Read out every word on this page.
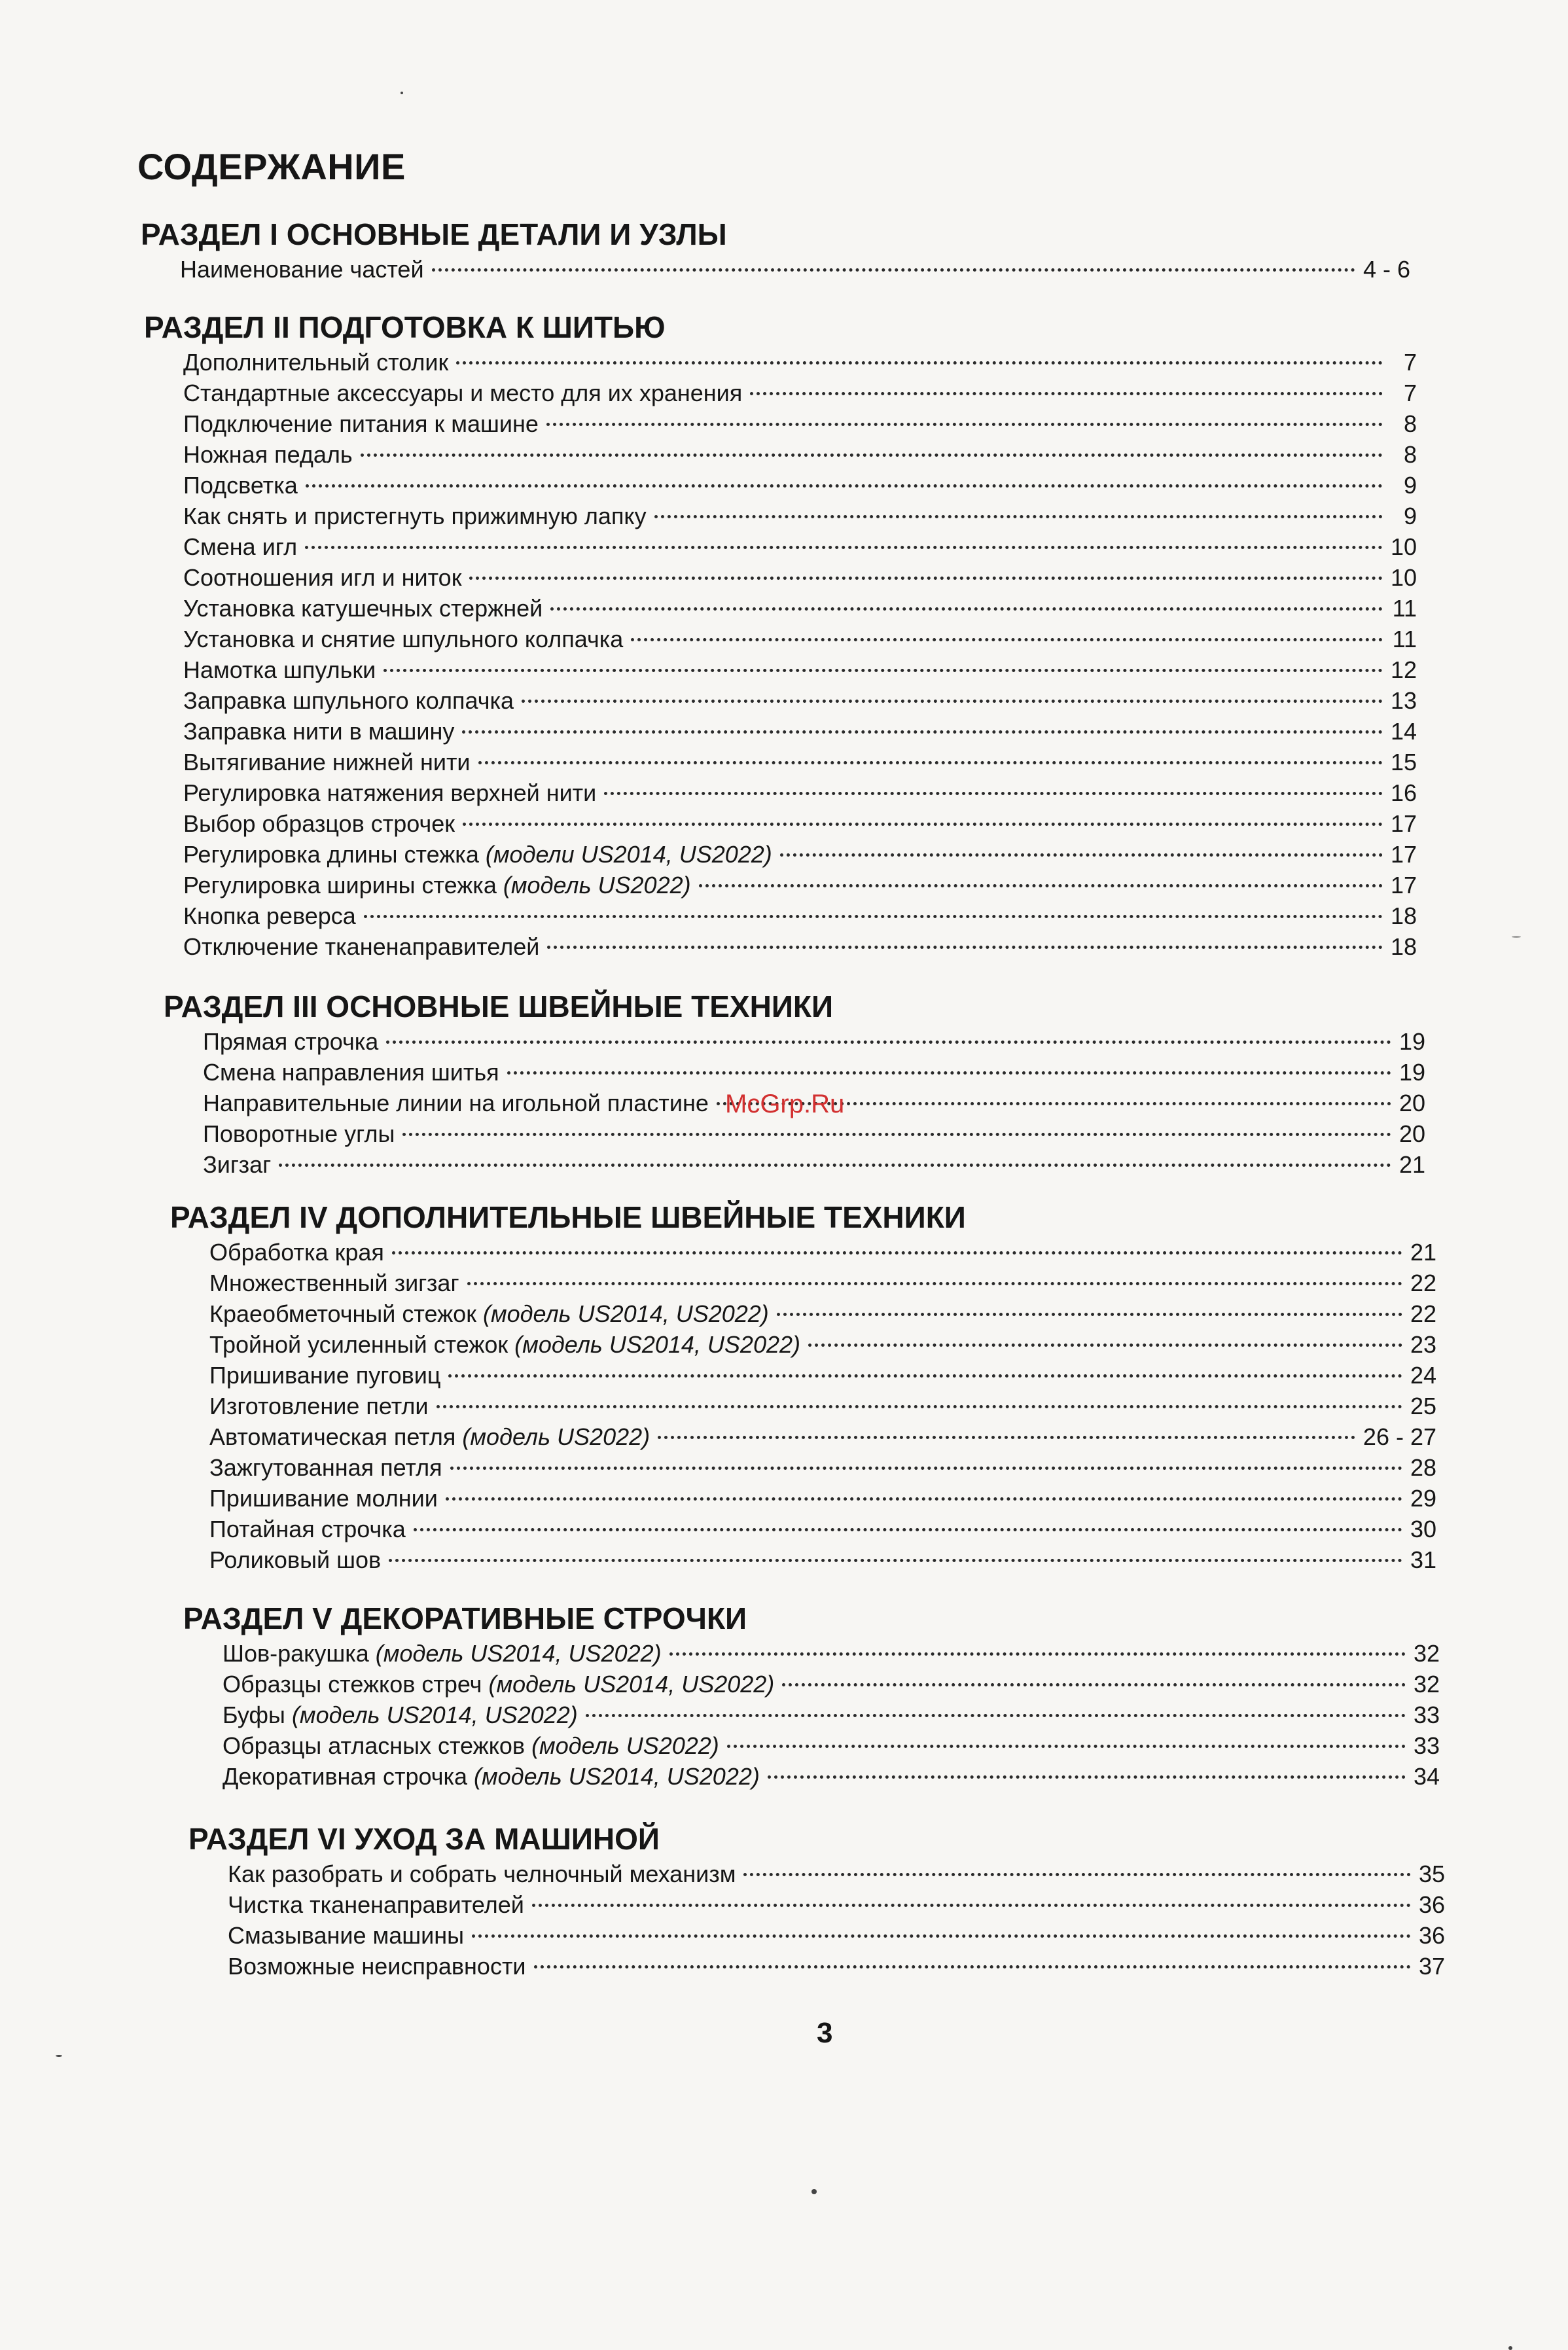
СОДЕРЖАНИЕ
РАЗДЕЛ I ОСНОВНЫЕ ДЕТАЛИ И УЗЛЫ
Наименование частей	4 - 6
РАЗДЕЛ II ПОДГОТОВКА К ШИТЬЮ
Дополнительный столик	7
Стандартные аксессуары и место для их хранения	7
Подключение питания к машине	8
Ножная педаль	8
Подсветка	9
Как снять и пристегнуть прижимную лапку	9
Смена игл	10
Соотношения игл и ниток	10
Установка катушечных стержней	11
Установка и снятие шпульного колпачка	11
Намотка шпульки	12
Заправка шпульного колпачка	13
Заправка нити в машину	14
Вытягивание нижней нити	15
Регулировка натяжения верхней нити	16
Выбор образцов строчек	17
Регулировка длины стежка (модели US2014, US2022)	17
Регулировка ширины стежка (модель US2022)	17
Кнопка реверса	18
Отключение тканенаправителей	18
РАЗДЕЛ III ОСНОВНЫЕ ШВЕЙНЫЕ ТЕХНИКИ
Прямая строчка	19
Смена направления шитья	19
Направительные линии на игольной пластине	20
Поворотные углы	20
Зигзаг	21
РАЗДЕЛ IV ДОПОЛНИТЕЛЬНЫЕ ШВЕЙНЫЕ ТЕХНИКИ
Обработка края	21
Множественный зигзаг	22
Краеобметочный стежок (модель US2014, US2022)	22
Тройной усиленный стежок (модель US2014, US2022)	23
Пришивание пуговиц	24
Изготовление петли	25
Автоматическая петля (модель US2022)	26 - 27
Зажгутованная петля	28
Пришивание молнии	29
Потайная строчка	30
Роликовый шов	31
РАЗДЕЛ V ДЕКОРАТИВНЫЕ СТРОЧКИ
Шов-ракушка (модель US2014, US2022)	32
Образцы стежков стреч (модель US2014, US2022)	32
Буфы (модель US2014, US2022)	33
Образцы атласных стежков (модель US2022)	33
Декоративная строчка (модель US2014, US2022)	34
РАЗДЕЛ VI УХОД ЗА МАШИНОЙ
Как разобрать и собрать челночный механизм	35
Чистка тканенаправителей	36
Смазывание машины	36
Возможные неисправности	37
McGrp.Ru
3
